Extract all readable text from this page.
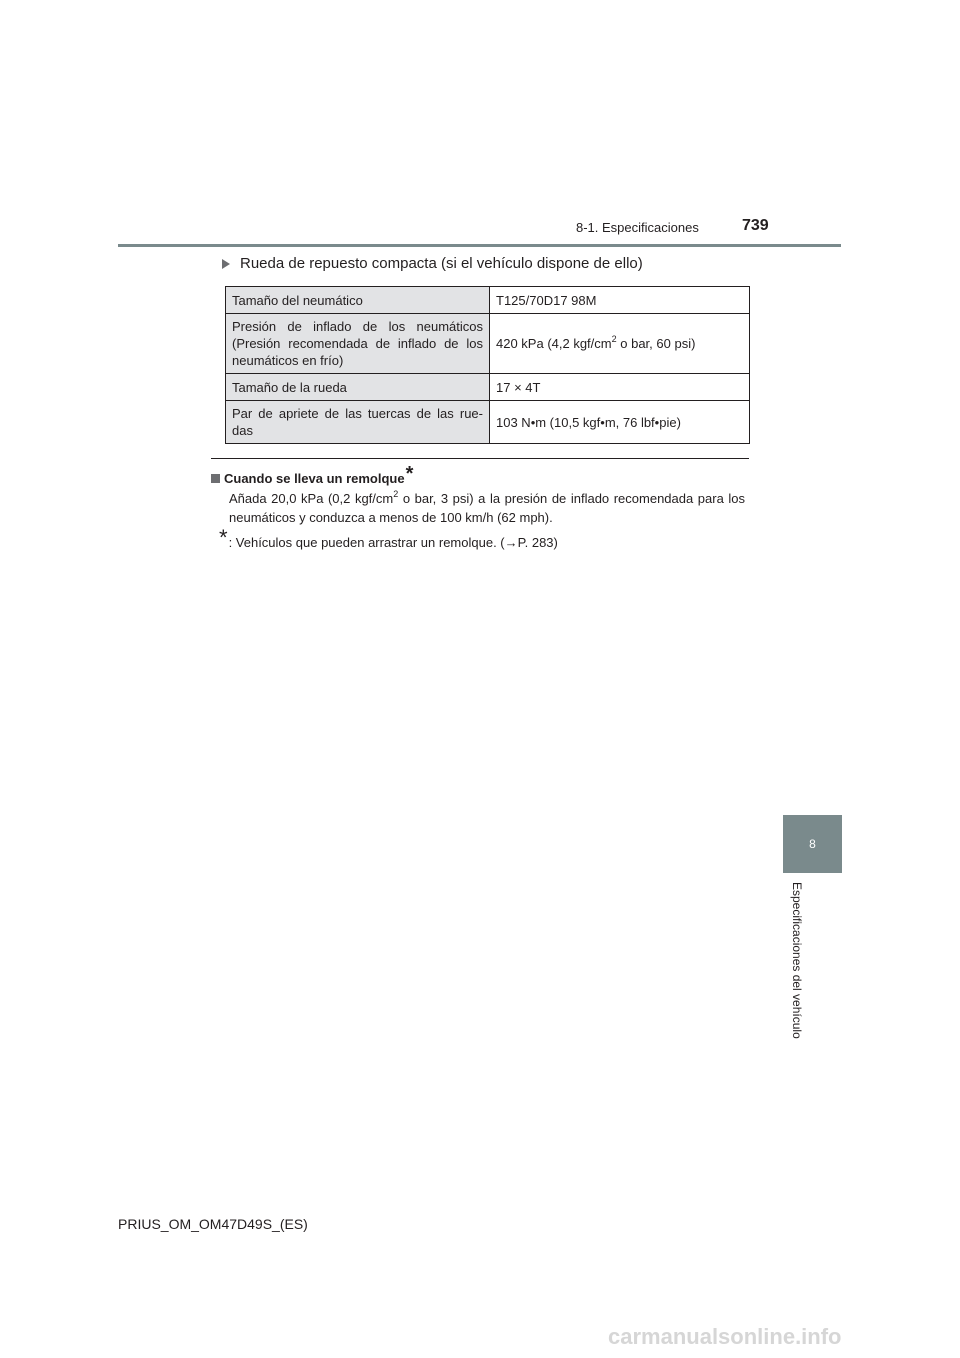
8-1. Especificaciones	739
Rueda de repuesto compacta (si el vehículo dispone de ello)
Tamaño del neumático	T125/70D17 98M
Presión de inflado de los neumáticos (Presión recomendada de inflado de los neumáticos en frío)	420 kPa (4,2 kgf/$cm^2$ o bar, 60 psi)
Tamaño de la rueda	17 × 4T
Par de apriete de las tuercas de las rue-das	103 N•m (10,5 kgf•m, 76 lbf•pie)
Cuando se lleva un remolque *
Añada 20,0 kPa (0,2 kgf/$cm^2$ o bar, 3 psi) a la presión de inflado recomendada para los neumáticos y conduzca a menos de 100 km/h (62 mph).
* : Vehículos que pueden arrastrar un remolque. (→P. 283)
8
Especificaciones del vehículo
PRIUS_OM_OM47D49S_(ES)
carmanualsonline.info
